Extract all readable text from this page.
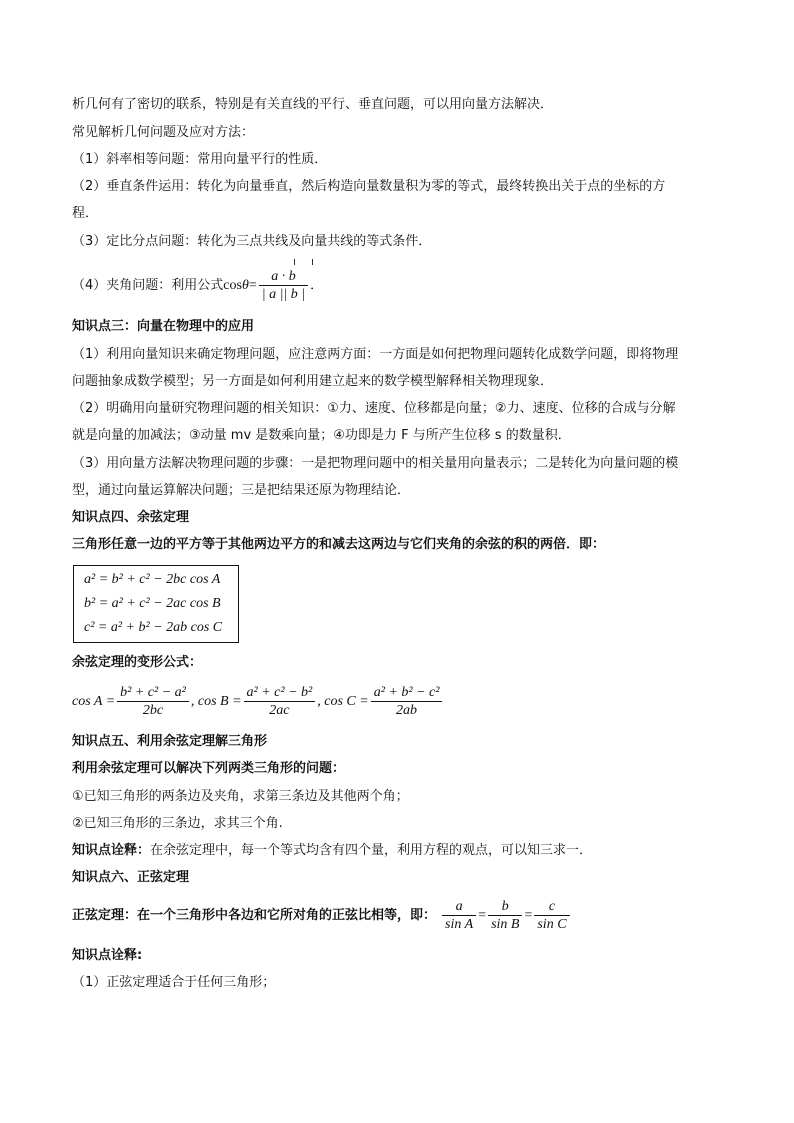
析几何有了密切的联系，特别是有关直线的平行、垂直问题，可以用向量方法解决．
常见解析几何问题及应对方法：
（1）斜率相等问题：常用向量平行的性质．
（2）垂直条件运用：转化为向量垂直，然后构造向量数量积为零的等式，最终转换出关于点的坐标的方
程．
（3）定比分点问题：转化为三点共线及向量共线的等式条件．
（4）夹角问题：利用公式$\cos\theta= \frac{a \cdot b}{| a || b |}$ ．
知识点三：向量在物理中的应用
（1）利用向量知识来确定物理问题，应注意两方面：一方面是如何把物理问题转化成数学问题，即将物理
问题抽象成数学模型；另一方面是如何利用建立起来的数学模型解释相关物理现象．
（2）明确用向量研究物理问题的相关知识：①力、速度、位移都是向量；②力、速度、位移的合成与分解
就是向量的加减法；③动量 mv 是数乘向量；④功即是力 F 与所产生位移 s 的数量积．
（3）用向量方法解决物理问题的步骤：一是把物理问题中的相关量用向量表示；二是转化为向量问题的模
型，通过向量运算解决问题；三是把结果还原为物理结论．
知识点四、余弦定理
三角形任意一边的平方等于其他两边平方的和减去这两边与它们夹角的余弦的积的两倍．即：
a² = b² + c² − 2bc cos A
b² = a² + c² − 2ac cos B
c² = a² + b² − 2ab cos C
余弦定理的变形公式：
$\cos A = \frac{\text{b² + c² − a²}}{2bc}$ , $\cos B = \frac{\text{a² + c² − b²}}{2ac}$ , $\cos C = \frac{\text{a² + b² − c²}}{2ab}$
知识点五、利用余弦定理解三角形
利用余弦定理可以解决下列两类三角形的问题：
①已知三角形的两条边及夹角，求第三条边及其他两个角；
②已知三角形的三条边，求其三个角.
知识点诠释：在余弦定理中，每一个等式均含有四个量，利用方程的观点，可以知三求一．
知识点六、正弦定理
正弦定理：在一个三角形中各边和它所对角的正弦比相等，即： $\frac{a}{\text{sin A}} = \frac{b}{\text{sin B}} = \frac{c}{\text{sin C}}$
知识点诠释:
（1）正弦定理适合于任何三角形；
